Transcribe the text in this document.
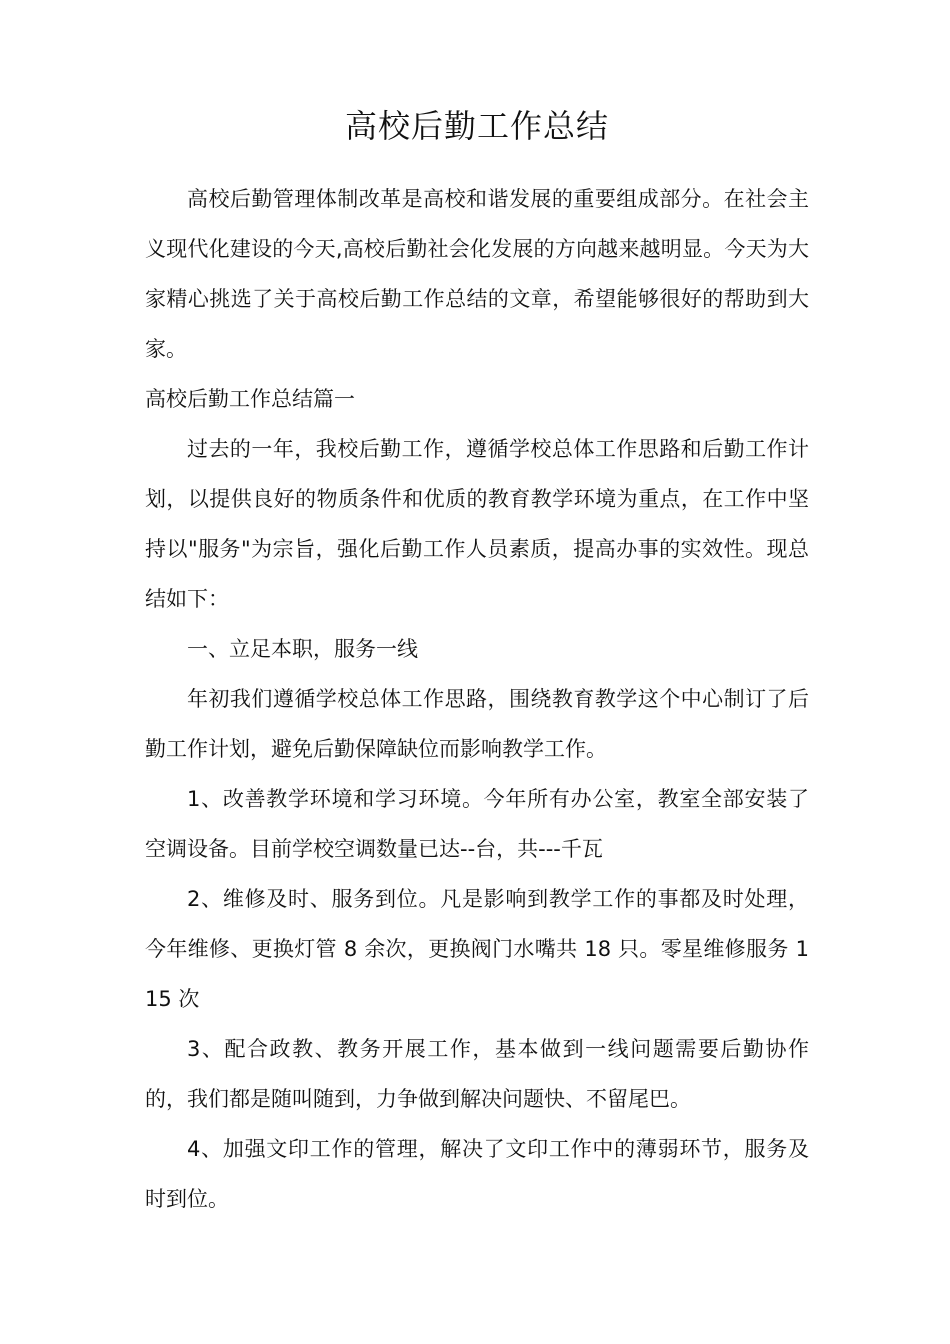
高校后勤工作总结

高校后勤管理体制改革是高校和谐发展的重要组成部分。在社会主义现代化建设的今天,高校后勤社会化发展的方向越来越明显。今天为大家精心挑选了关于高校后勤工作总结的文章，希望能够很好的帮助到大家。

高校后勤工作总结篇一

过去的一年，我校后勤工作，遵循学校总体工作思路和后勤工作计划，以提供良好的物质条件和优质的教育教学环境为重点，在工作中坚持以"服务"为宗旨，强化后勤工作人员素质，提高办事的实效性。现总结如下：

一、立足本职，服务一线

年初我们遵循学校总体工作思路，围绕教育教学这个中心制订了后勤工作计划，避免后勤保障缺位而影响教学工作。

1、改善教学环境和学习环境。今年所有办公室，教室全部安装了空调设备。目前学校空调数量已达--台，共---千瓦

2、维修及时、服务到位。凡是影响到教学工作的事都及时处理，今年维修、更换灯管 8 余次，更换阀门水嘴共 18 只。零星维修服务 115 次

3、配合政教、教务开展工作，基本做到一线问题需要后勤协作的，我们都是随叫随到，力争做到解决问题快、不留尾巴。

4、加强文印工作的管理，解决了文印工作中的薄弱环节，服务及时到位。
